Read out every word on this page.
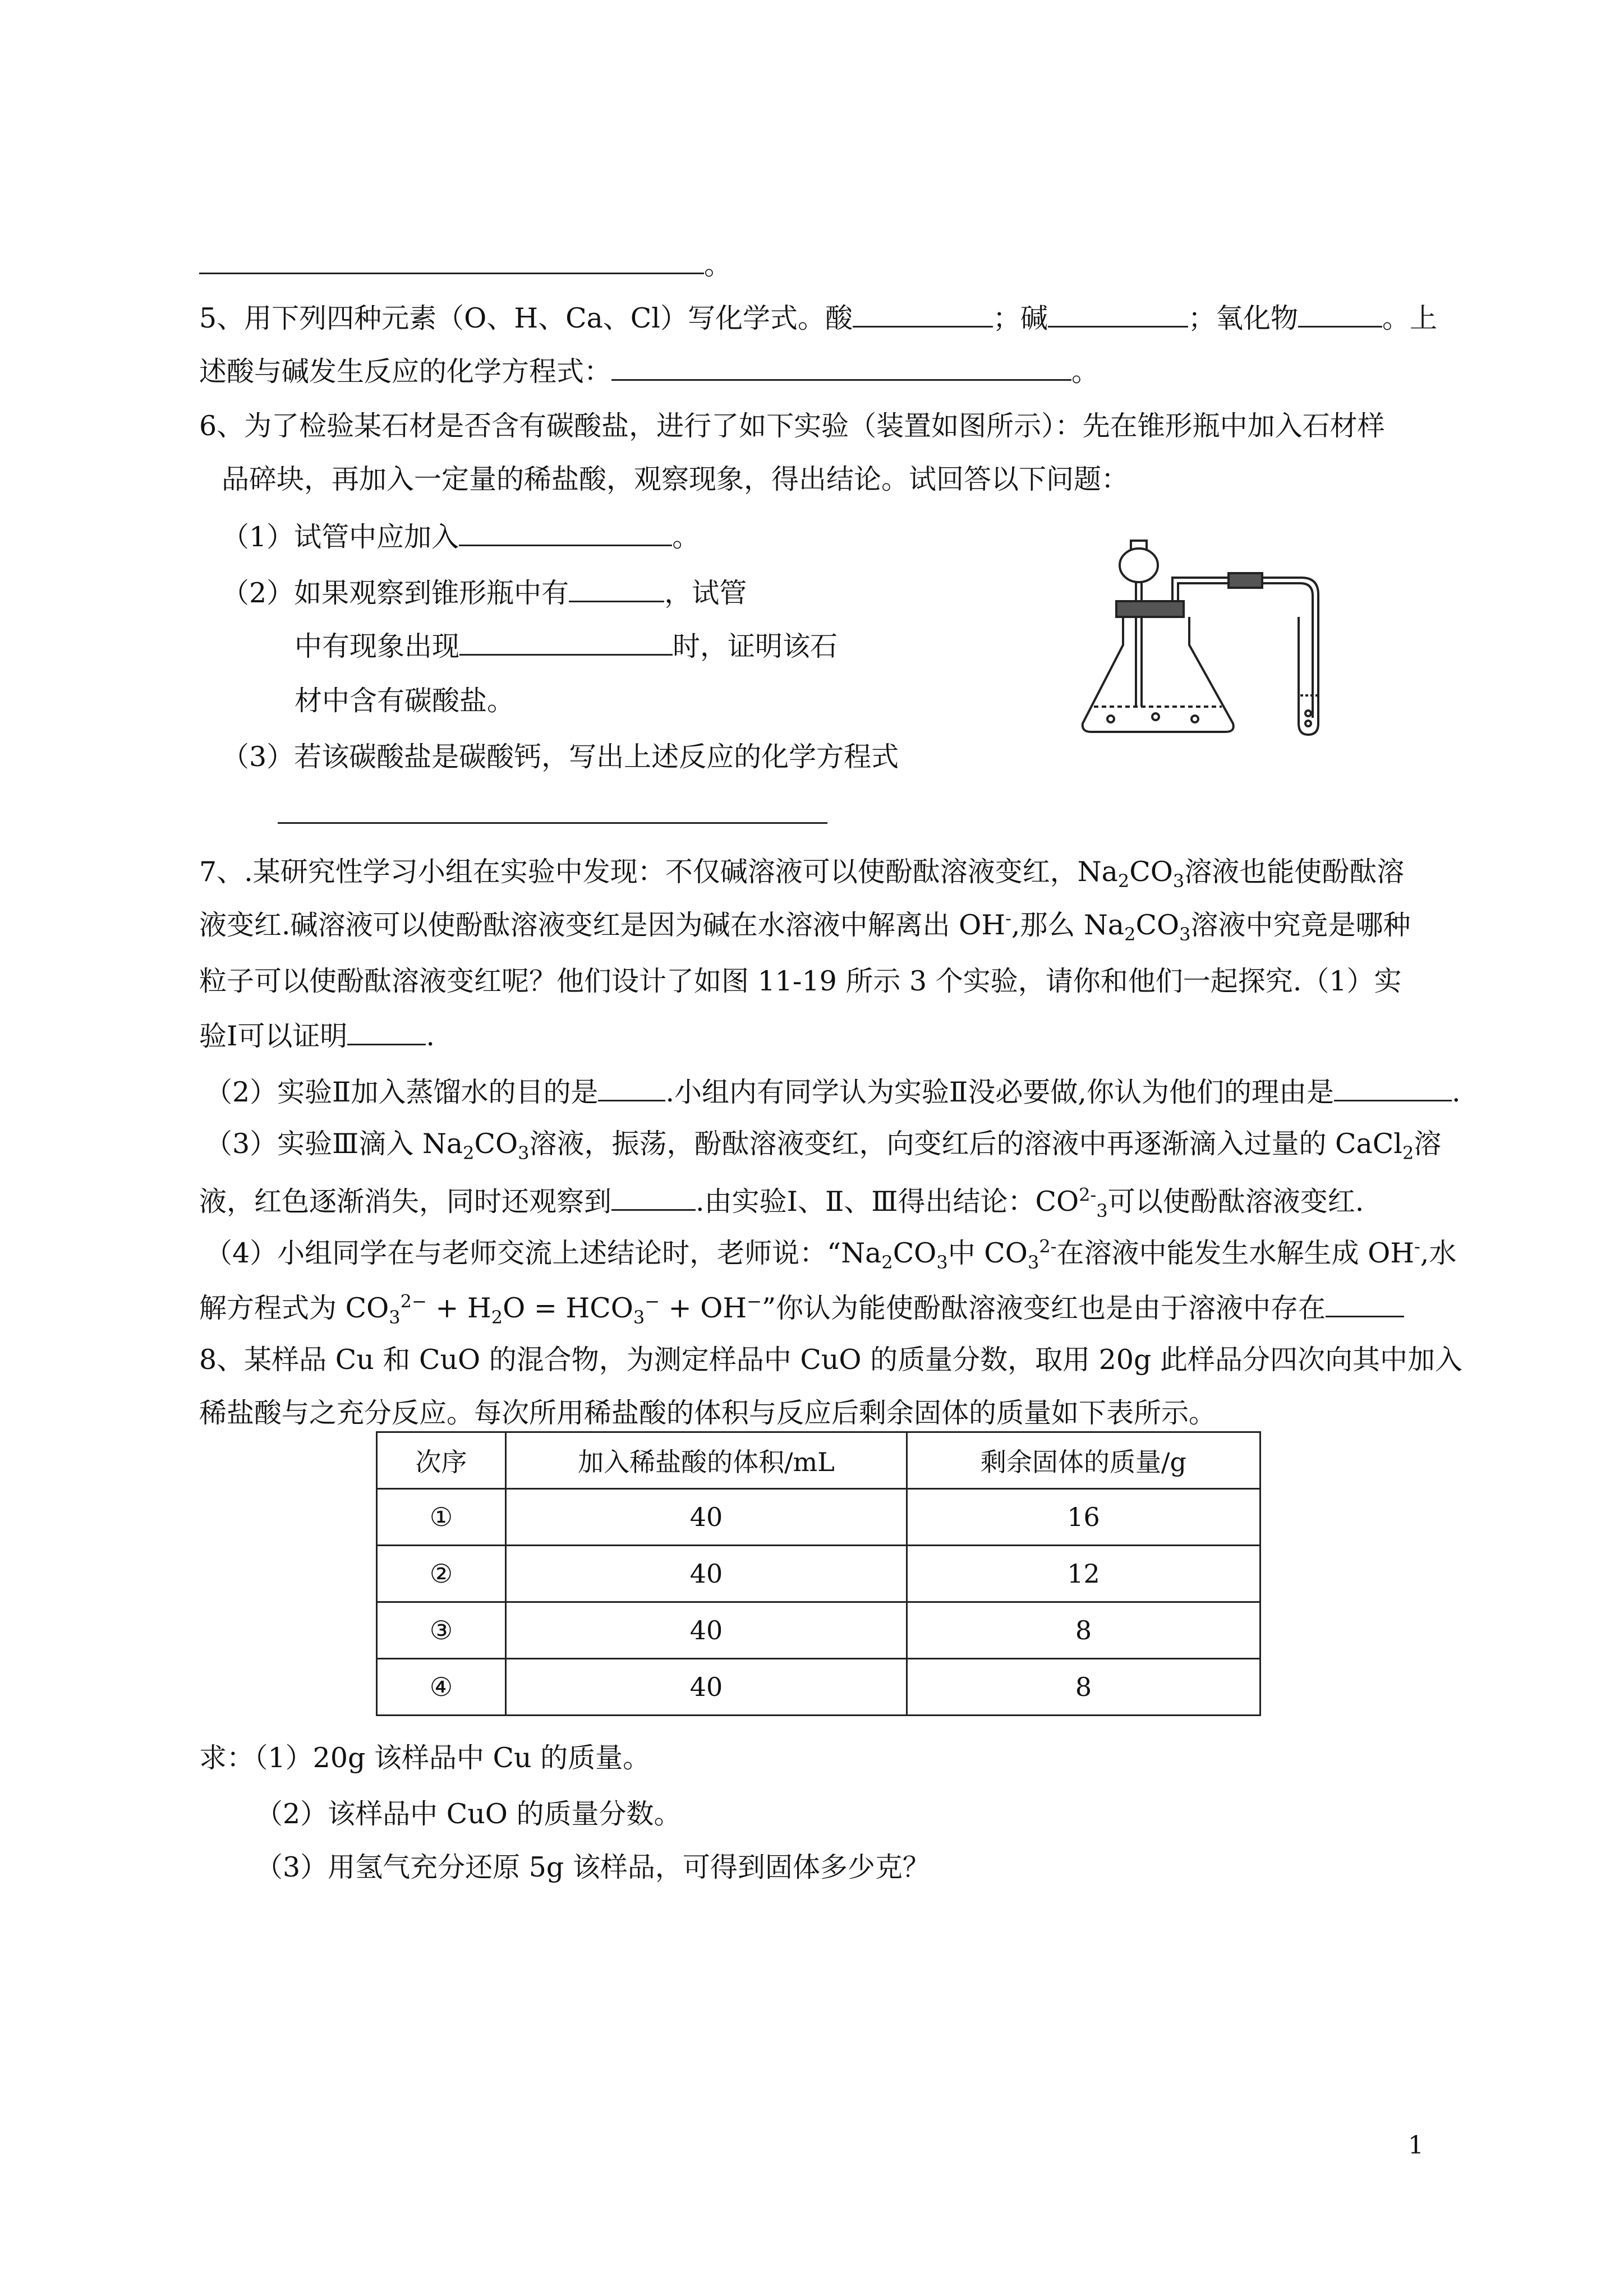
。
5、用下列四种元素（O、H、Ca、Cl）写化学式。酸	；碱	；氧化物	。上
述酸与碱发生反应的化学方程式：	。
6、为了检验某石材是否含有碳酸盐，进行了如下实验（装置如图所示）：先在锥形瓶中加入石材样
品碎块，再加入一定量的稀盐酸，观察现象，得出结论。试回答以下问题：
（1）试管中应加入	。
（2）如果观察到锥形瓶中有	，试管
中有现象出现	时，证明该石
材中含有碳酸盐。
（3）若该碳酸盐是碳酸钙，写出上述反应的化学方程式
7、.某研究性学习小组在实验中发现：不仅碱溶液可以使酚酞溶液变红，$Na_2CO_3$溶液也能使酚酞溶
液变红.碱溶液可以使酚酞溶液变红是因为碱在水溶液中解离出 OH-,那么 $Na_2CO_3$溶液中究竟是哪种
粒子可以使酚酞溶液变红呢？他们设计了如图 11-19 所示 3 个实验，请你和他们一起探究.（1）实
验Ⅰ可以证明	.
（2）实验Ⅱ加入蒸馏水的目的是 .小组内有同学认为实验Ⅱ没必要做,你认为他们的理由是	.
（3）实验Ⅲ滴入 $Na_2CO_3$溶液，振荡，酚酞溶液变红，向变红后的溶液中再逐渐滴入过量的 CaCl$_2$溶
液，红色逐渐消失，同时还观察到	.由实验Ⅰ、Ⅱ、Ⅲ得出结论：$CO^{2-}_3$可以使酚酞溶液变红.
（4）小组同学在与老师交流上述结论时，老师说：“$Na_2CO_3$中 $CO_3^{2-}$在溶液中能发生水解生成 OH-,水
解方程式为 $CO_3^{2-} + H_2O = HCO_3^- + OH^-$”你认为能使酚酞溶液变红也是由于溶液中存在
8、某样品 Cu 和 CuO 的混合物，为测定样品中 CuO 的质量分数，取用 20g 此样品分四次向其中加入
稀盐酸与之充分反应。每次所用稀盐酸的体积与反应后剩余固体的质量如下表所示。
次序	加入稀盐酸的体积/mL	剩余固体的质量/g
①	40	16
②	40	12
③	40	8
④	40	8
求：（1）20g 该样品中 Cu 的质量。
（2）该样品中 CuO 的质量分数。
（3）用氢气充分还原 5g 该样品，可得到固体多少克？
1
